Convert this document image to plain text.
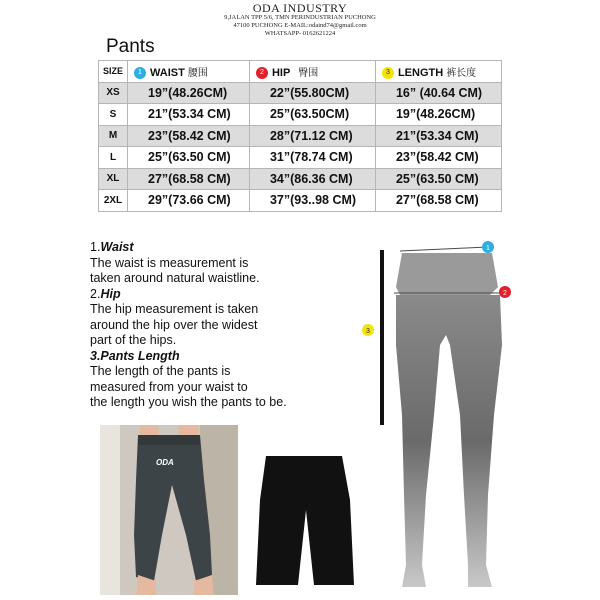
ODA INDUSTRY
9,JALAN TPP 5/6, TMN PERINDUSTRIAN PUCHONG
47100 PUCHONG E-MAIL:odaind74@gmail.com
WHATSAPP- 0162621224
Pants
SIZE	1 WAIST 腰围	2 HIP 臀围	3 LENGTH 裤长度
XS	19”(48.26CM)	22”(55.80CM)	16” (40.64 CM)
S	21”(53.34 CM)	25”(63.50CM)	19”(48.26CM)
M	23”(58.42 CM)	28”(71.12 CM)	21”(53.34 CM)
L	25”(63.50 CM)	31”(78.74 CM)	23”(58.42 CM)
XL	27”(68.58 CM)	34”(86.36 CM)	25”(63.50 CM)
2XL	29”(73.66 CM)	37”(93..98 CM)	27”(68.58 CM)
1.Waist
The waist is measurement is
taken around natural waistline.
2.Hip
The hip measurement is taken
around the hip over the widest
part of the hips.
3.Pants Length
The length of the pants is
measured from your waist to
the length you wish the pants to be.
ODA
1
2
3
